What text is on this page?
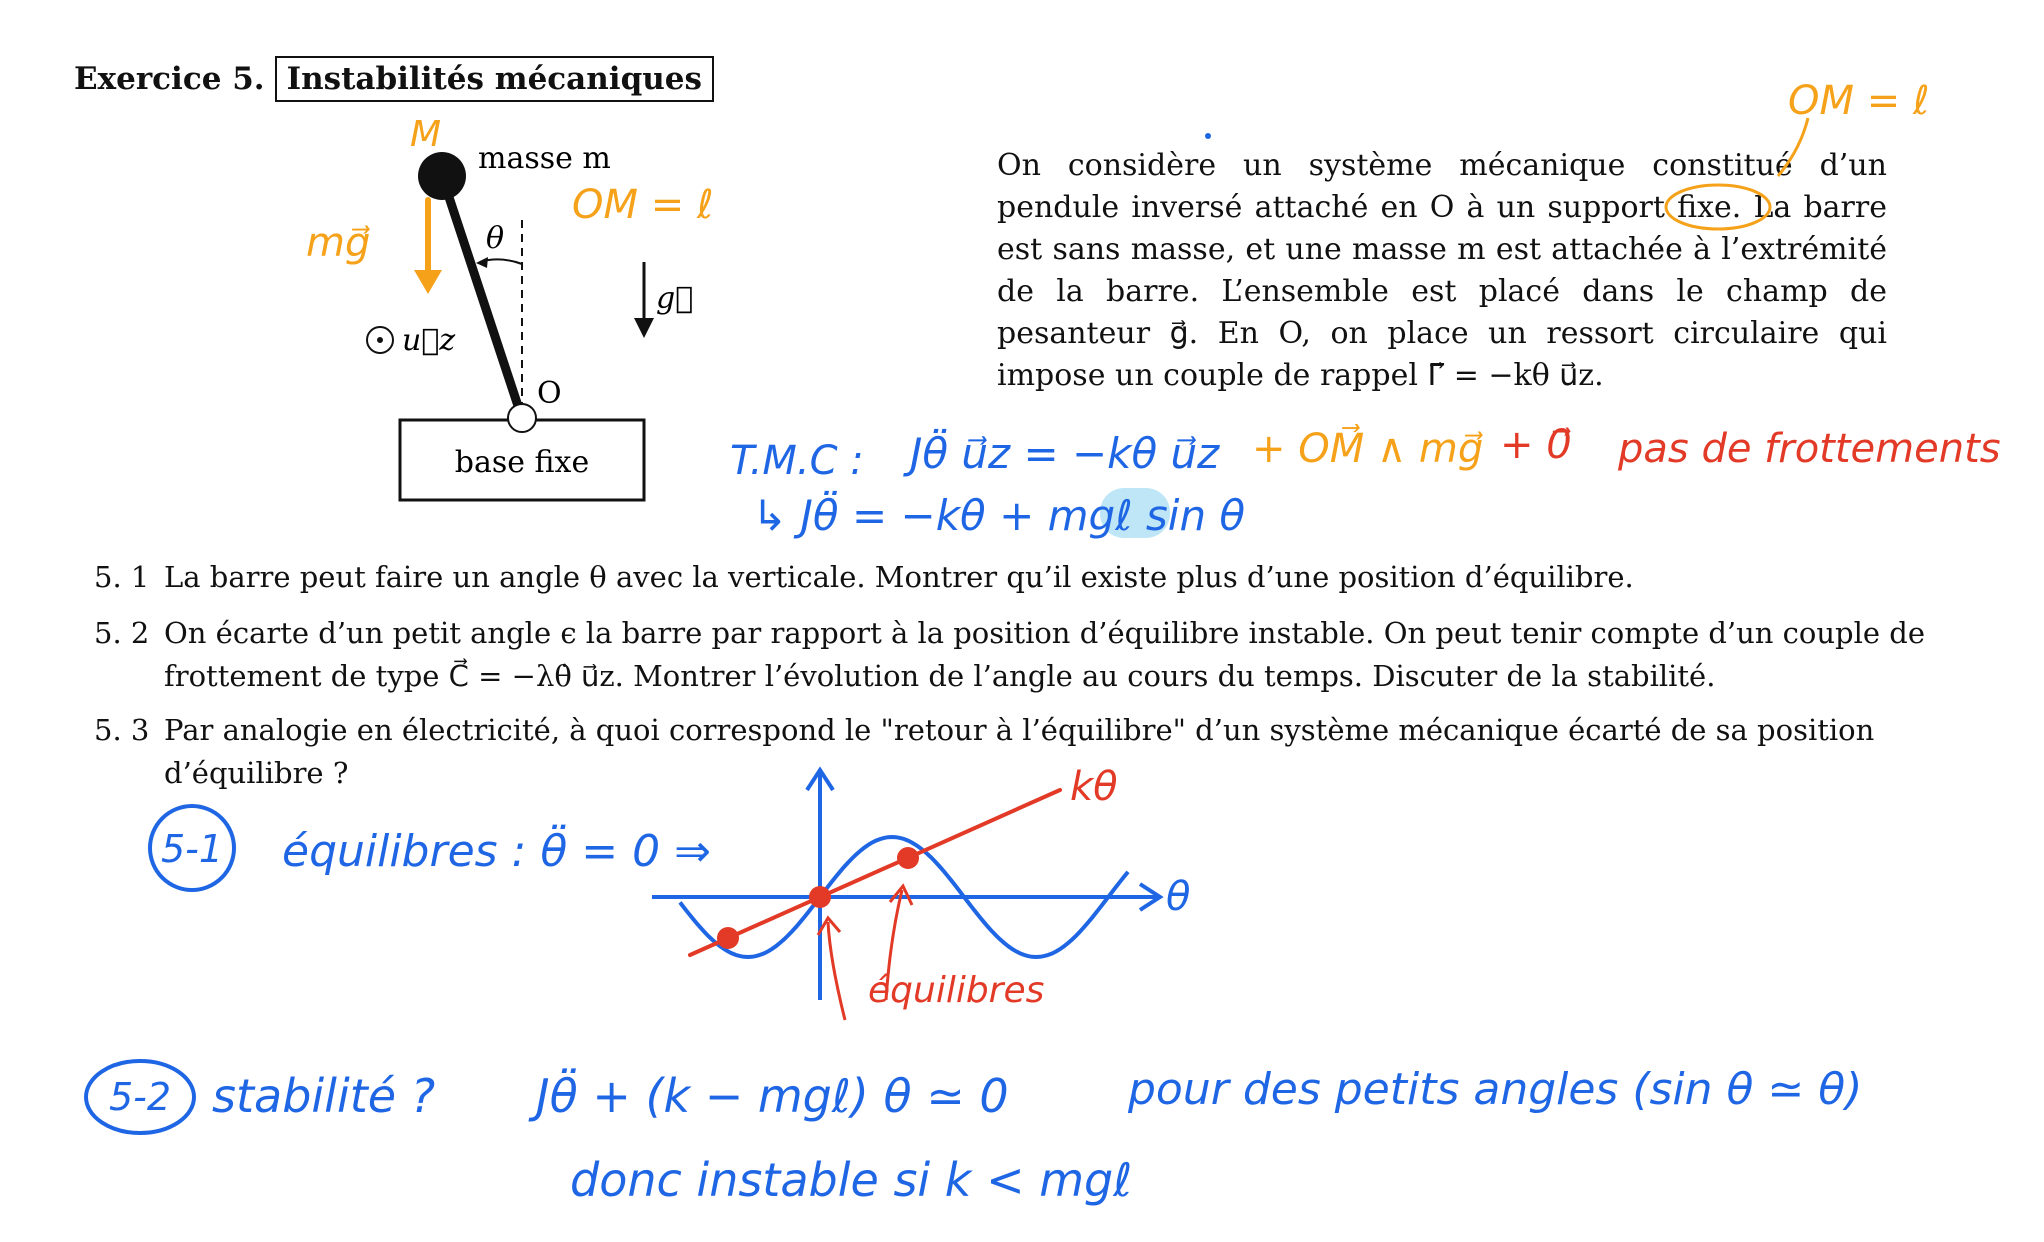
Exercice 5. Instabilités mécaniques
base fixe
masse m
O
θ
g⃗
u⃗z
On considère un système mécanique constitué d’un pendule inversé attaché en O à un support fixe. La barre est sans masse, et une masse m est attachée à l’extrémité de la barre. L’ensemble est placé dans le champ de pesanteur g⃗. En O, on place un ressort circulaire qui impose un couple de rappel Γ⃗ = −kθ u⃗z.
5. 1 La barre peut faire un angle θ avec la verticale. Montrer qu’il existe plus d’une position d’équilibre.
5. 2 On écarte d’un petit angle ϵ la barre par rapport à la position d’équilibre instable. On peut tenir compte d’un couple de frottement de type C⃗ = −λθ̇ u⃗z. Montrer l’évolution de l’angle au cours du temps. Discuter de la stabilité.
5. 3 Par analogie en électricité, à quoi correspond le "retour à l’équilibre" d’un système mécanique écarté de sa position d’équilibre ?
M
mg⃗
OM = ℓ
OM = ℓ
T.M.C : Jθ̈ u⃗z = −kθ u⃗z + OM⃗ ∧ mg⃗ + 0⃗ pas de frottements
↳ Jθ̈ = −kθ + mgℓ sin θ
5-1 équilibres : θ̈ = 0 ⇒
5-2 stabilité ? Jθ̈ + (k − mgℓ) θ ≃ 0	pour des petits angles (sin θ ≃ θ)
donc instable si k < mgℓ
θ
kθ
équilibres
